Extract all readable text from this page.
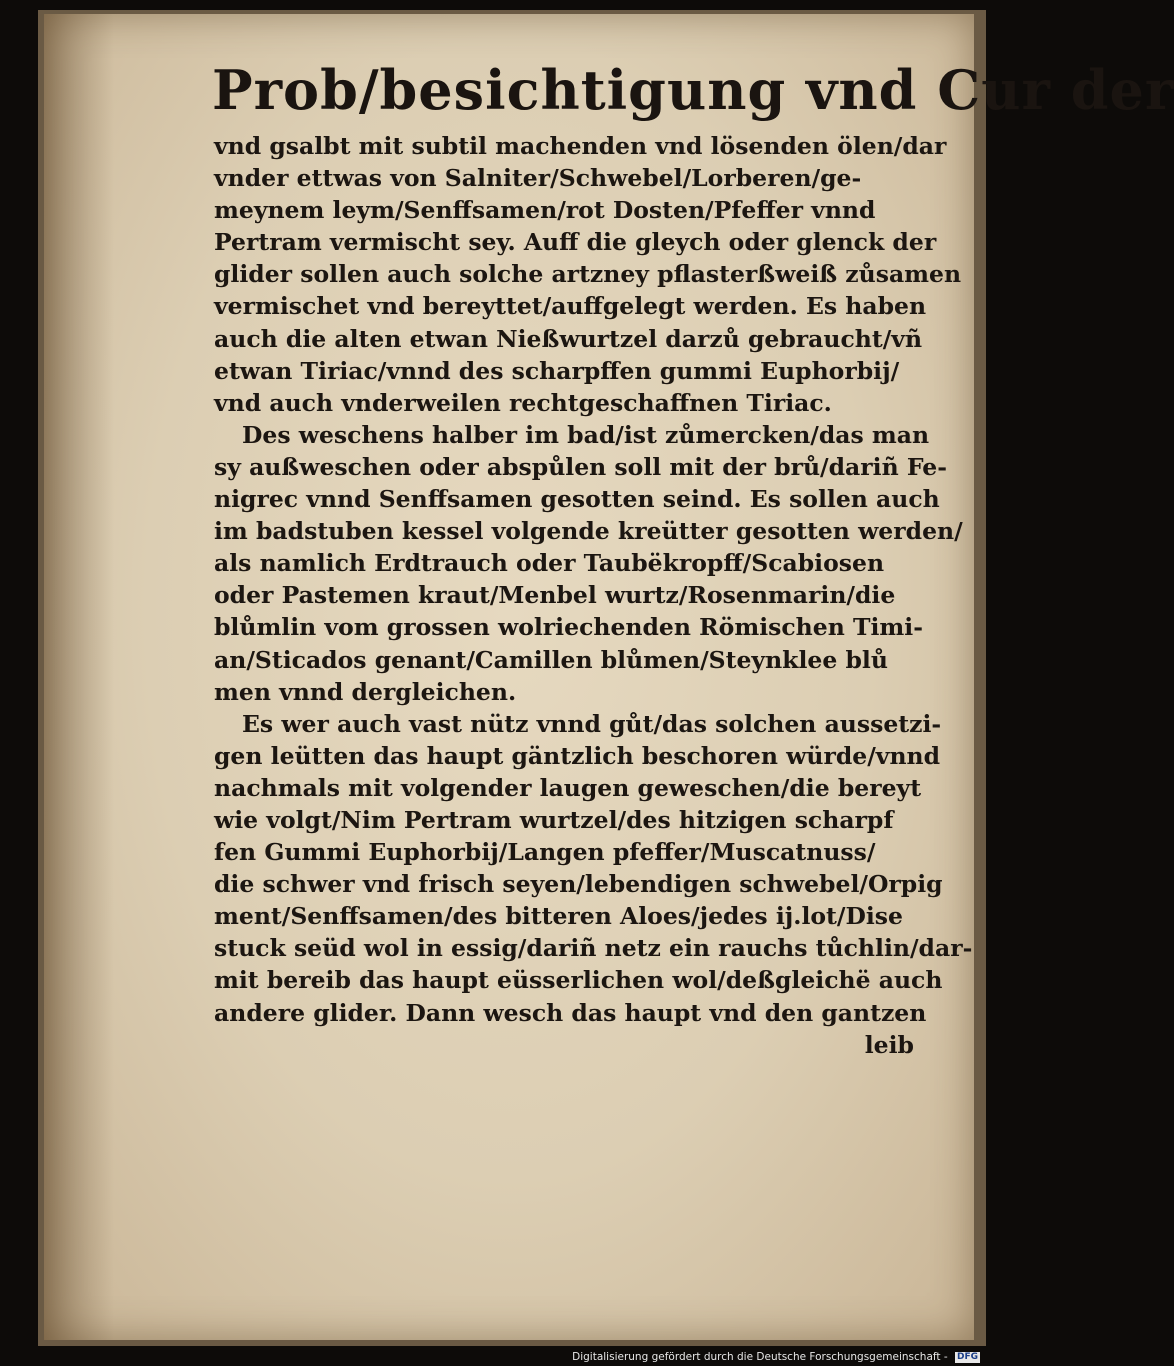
Prob/besichtigung vnd Cur der
vnd gsalbt mit subtil machenden vnd lösenden ölen/dar
vnder ettwas von Salniter/Schwebel/Lorberen/ge-
meynem leym/Senffsamen/rot Dosten/Pfeffer vnnd
Pertram vermischt sey. Auff die gleych oder glenck der
glider sollen auch solche artzney pflasterßweiß zůsamen
vermischet vnd bereyttet/auffgelegt werden. Es haben
auch die alten etwan Nießwurtzel darzů gebraucht/vñ
etwan Tiriac/vnnd des scharpffen gummi Euphorbij/
vnd auch vnderweilen rechtgeschaffnen Tiriac.
Des weschens halber im bad/ist zůmercken/das man
sy außweschen oder abspůlen soll mit der brů/dariñ Fe-
nigrec vnnd Senffsamen gesotten seind. Es sollen auch
im badstuben kessel volgende kreütter gesotten werden/
als namlich Erdtrauch oder Taubëkropff/Scabiosen
oder Pastemen kraut/Menbel wurtz/Rosenmarin/die
blůmlin vom grossen wolriechenden Römischen Timi-
an/Sticados genant/Camillen blůmen/Steynklee blů
men vnnd dergleichen.
Es wer auch vast nütz vnnd gůt/das solchen aussetzi-
gen leütten das haupt gäntzlich beschoren würde/vnnd
nachmals mit volgender laugen geweschen/die bereyt
wie volgt/Nim Pertram wurtzel/des hitzigen scharpf
fen Gummi Euphorbij/Langen pfeffer/Muscatnuss/
die schwer vnd frisch seyen/lebendigen schwebel/Orpig
ment/Senffsamen/des bitteren Aloes/jedes ij.lot/Dise
stuck seüd wol in essig/dariñ netz ein rauchs tůchlin/dar-
mit bereib das haupt eüsserlichen wol/deßgleichë auch
andere glider. Dann wesch das haupt vnd den gantzen
leib
Digitalisierung gefördert durch die Deutsche Forschungsgemeinschaft - DFG
